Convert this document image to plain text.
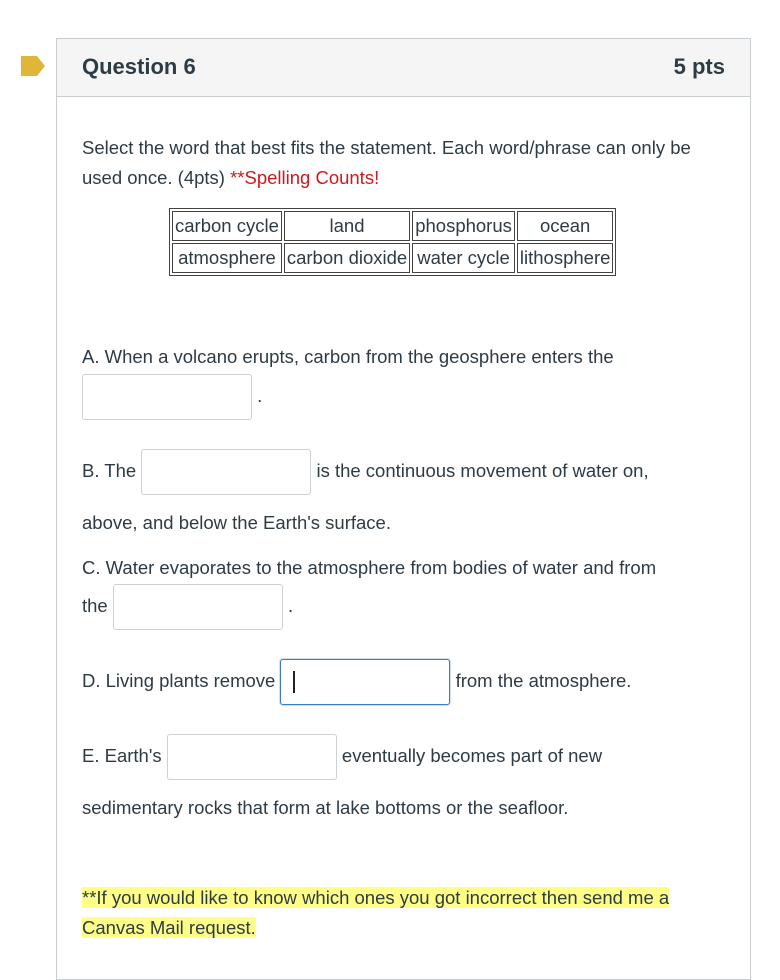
Question 6	5 pts
Select the word that best fits the statement. Each word/phrase can only be used once. (4pts) **Spelling Counts!
carbon cycle	land	phosphorus	ocean
atmosphere	carbon dioxide	water cycle	lithosphere
A. When a volcano erupts, carbon from the geosphere enters the
.
B. The	is the continuous movement of water on,
above, and below the Earth's surface.
C. Water evaporates to the atmosphere from bodies of water and from
the	.
D. Living plants remove	from the atmosphere.
E. Earth's	eventually becomes part of new
sedimentary rocks that form at lake bottoms or the seafloor.
**If you would like to know which ones you got incorrect then send me a Canvas Mail request.
